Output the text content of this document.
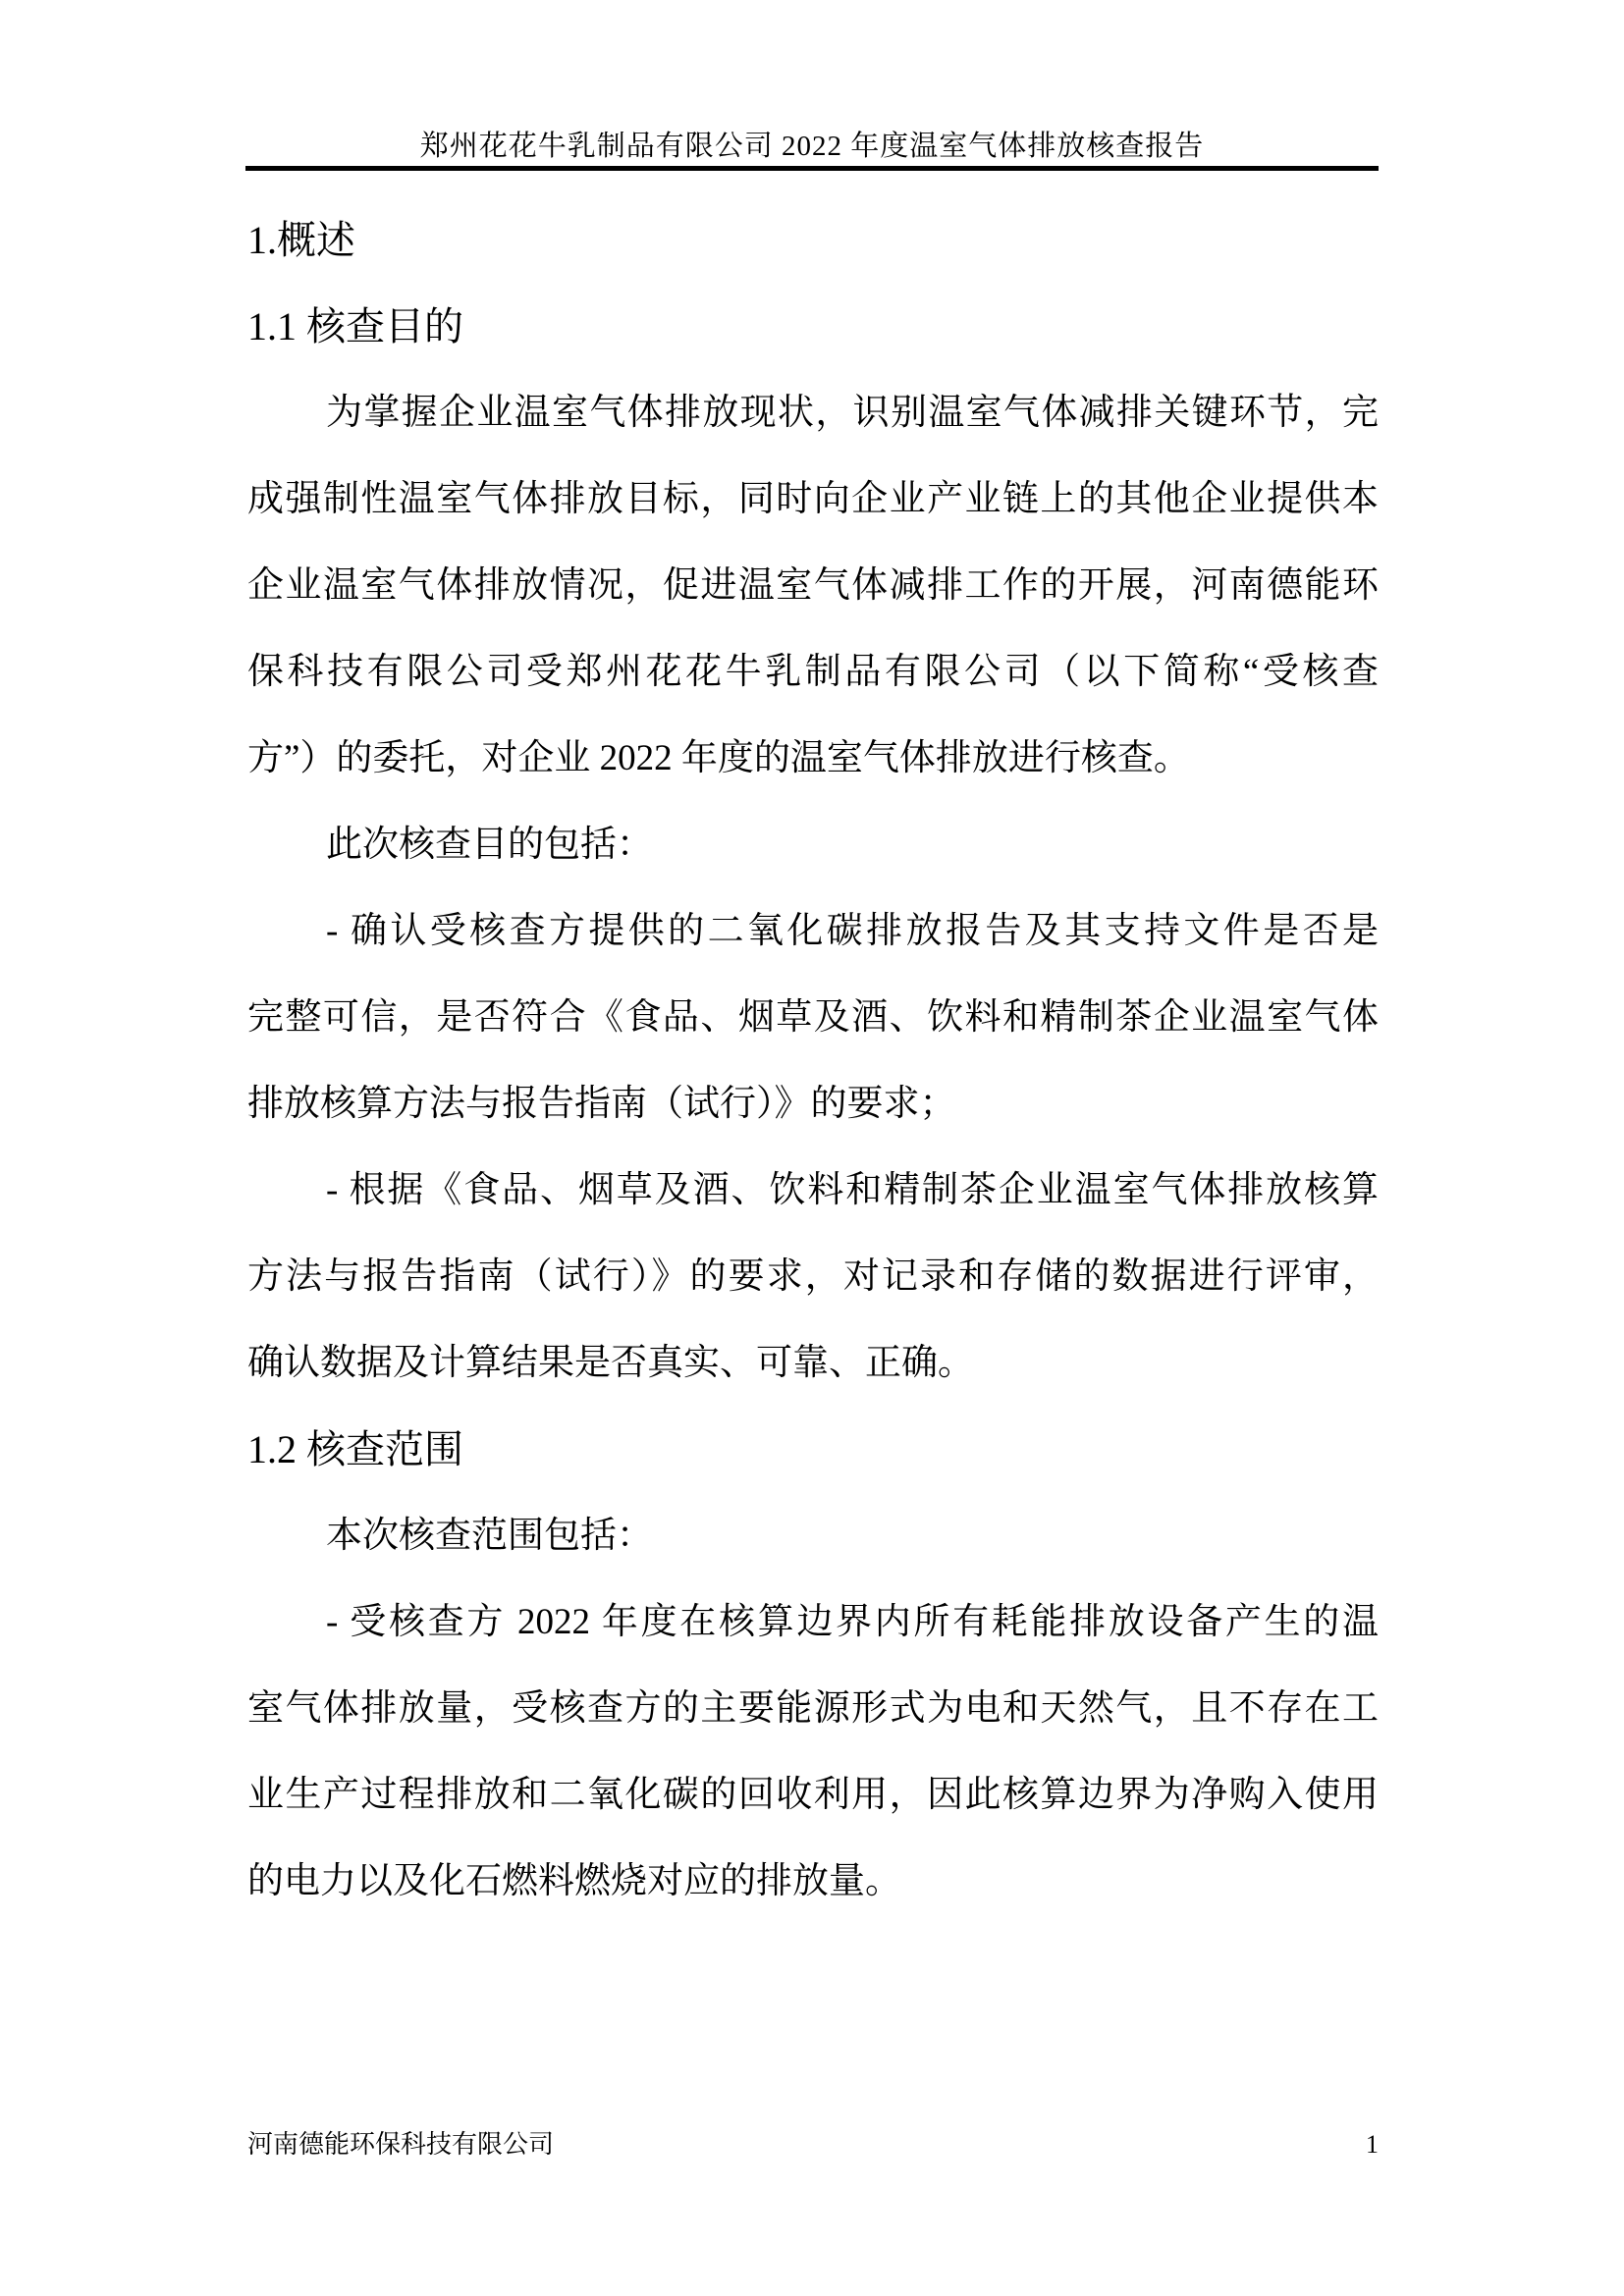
郑州花花牛乳制品有限公司 2022 年度温室气体排放核查报告
1.概述
1.1 核查目的
为掌握企业温室气体排放现状，识别温室气体减排关键环节，完
成强制性温室气体排放目标，同时向企业产业链上的其他企业提供本
企业温室气体排放情况，促进温室气体减排工作的开展，河南德能环
保科技有限公司受郑州花花牛乳制品有限公司（以下简称“受核查
方”）的委托，对企业 2022 年度的温室气体排放进行核查。
此次核查目的包括：
- 确认受核查方提供的二氧化碳排放报告及其支持文件是否是
完整可信，是否符合《食品、烟草及酒、饮料和精制茶企业温室气体
排放核算方法与报告指南（试行）》的要求；
- 根据《食品、烟草及酒、饮料和精制茶企业温室气体排放核算
方法与报告指南（试行）》的要求，对记录和存储的数据进行评审，
确认数据及计算结果是否真实、可靠、正确。
1.2 核查范围
本次核查范围包括：
- 受核查方 2022 年度在核算边界内所有耗能排放设备产生的温
室气体排放量，受核查方的主要能源形式为电和天然气，且不存在工
业生产过程排放和二氧化碳的回收利用，因此核算边界为净购入使用
的电力以及化石燃料燃烧对应的排放量。
河南德能环保科技有限公司	1
